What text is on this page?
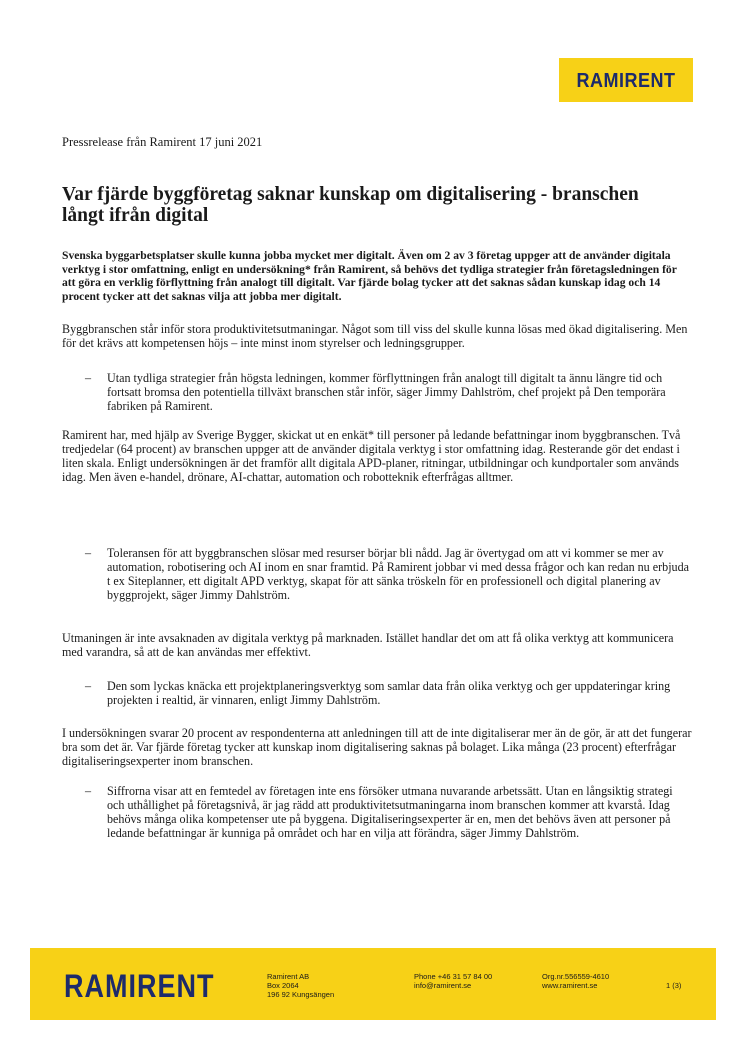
RAMIRENT
Pressrelease från Ramirent 17 juni 2021
Var fjärde byggföretag saknar kunskap om digitalisering - branschen långt ifrån digital

Svenska byggarbetsplatser skulle kunna jobba mycket mer digitalt. Även om 2 av 3 företag uppger att de använder digitala verktyg i stor omfattning, enligt en undersökning* från Ramirent, så behövs det tydliga strategier från företagsledningen för att göra en verklig förflyttning från analogt till digitalt. Var fjärde bolag tycker att det saknas sådan kunskap idag och 14 procent tycker att det saknas vilja att jobba mer digitalt.

Byggbranschen står inför stora produktivitetsutmaningar. Något som till viss del skulle kunna lösas med ökad digitalisering. Men för det krävs att kompetensen höjs – inte minst inom styrelser och ledningsgrupper.

– Utan tydliga strategier från högsta ledningen, kommer förflyttningen från analogt till digitalt ta ännu längre tid och fortsatt bromsa den potentiella tillväxt branschen står inför, säger Jimmy Dahlström, chef projekt på Den temporära fabriken på Ramirent.

Ramirent har, med hjälp av Sverige Bygger, skickat ut en enkät* till personer på ledande befattningar inom byggbranschen. Två tredjedelar (64 procent) av branschen uppger att de använder digitala verktyg i stor omfattning idag. Resterande gör det endast i liten skala. Enligt undersökningen är det framför allt digitala APD-planer, ritningar, utbildningar och kundportaler som används idag. Men även e-handel, drönare, AI-chattar, automation och robotteknik efterfrågas alltmer.

– Toleransen för att byggbranschen slösar med resurser börjar bli nådd. Jag är övertygad om att vi kommer se mer av automation, robotisering och AI inom en snar framtid. På Ramirent jobbar vi med dessa frågor och kan redan nu erbjuda t ex Siteplanner, ett digitalt APD verktyg, skapat för att sänka tröskeln för en professionell och digital planering av byggprojekt, säger Jimmy Dahlström.

Utmaningen är inte avsaknaden av digitala verktyg på marknaden. Istället handlar det om att få olika verktyg att kommunicera med varandra, så att de kan användas mer effektivt.

– Den som lyckas knäcka ett projektplaneringsverktyg som samlar data från olika verktyg och ger uppdateringar kring projekten i realtid, är vinnaren, enligt Jimmy Dahlström.

I undersökningen svarar 20 procent av respondenterna att anledningen till att de inte digitaliserar mer än de gör, är att det fungerar bra som det är. Var fjärde företag tycker att kunskap inom digitalisering saknas på bolaget. Lika många (23 procent) efterfrågar digitaliseringsexperter inom branschen.

– Siffrorna visar att en femtedel av företagen inte ens försöker utmana nuvarande arbetssätt. Utan en långsiktig strategi och uthållighet på företagsnivå, är jag rädd att produktivitetsutmaningarna inom branschen kommer att kvarstå. Idag behövs många olika kompetenser ute på byggena. Digitaliseringsexperter är en, men det behövs även att personer på ledande befattningar är kunniga på området och har en vilja att förändra, säger Jimmy Dahlström.

RAMIRENT	Ramirent AB
Box 2064
196 92 Kungsängen
Phone +46 31 57 84 00
info@ramirent.se
Org.nr.556559-4610
www.ramirent.se	1 (3)
